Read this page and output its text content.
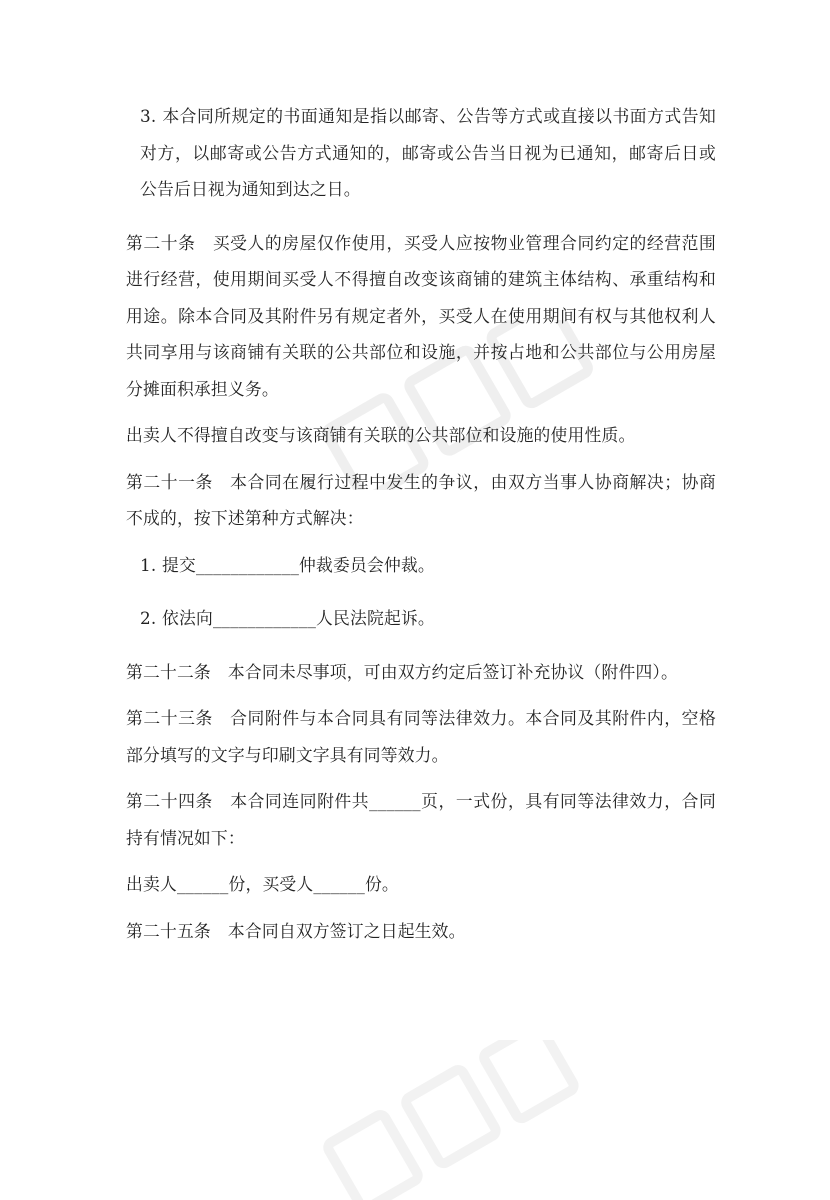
3. 本合同所规定的书面通知是指以邮寄、公告等方式或直接以书面方式告知对方，以邮寄或公告方式通知的，邮寄或公告当日视为已通知，邮寄后日或公告后日视为通知到达之日。

第二十条　买受人的房屋仅作使用，买受人应按物业管理合同约定的经营范围进行经营，使用期间买受人不得擅自改变该商铺的建筑主体结构、承重结构和用途。除本合同及其附件另有规定者外，买受人在使用期间有权与其他权利人共同享用与该商铺有关联的公共部位和设施，并按占地和公共部位与公用房屋分摊面积承担义务。

出卖人不得擅自改变与该商铺有关联的公共部位和设施的使用性质。

第二十一条　本合同在履行过程中发生的争议，由双方当事人协商解决；协商不成的，按下述第种方式解决：

1. 提交____________仲裁委员会仲裁。

2. 依法向____________人民法院起诉。

第二十二条　本合同未尽事项，可由双方约定后签订补充协议（附件四）。

第二十三条　合同附件与本合同具有同等法律效力。本合同及其附件内，空格部分填写的文字与印刷文字具有同等效力。

第二十四条　本合同连同附件共______页，一式份，具有同等法律效力，合同持有情况如下：

出卖人______份，买受人______份。

第二十五条　本合同自双方签订之日起生效。
